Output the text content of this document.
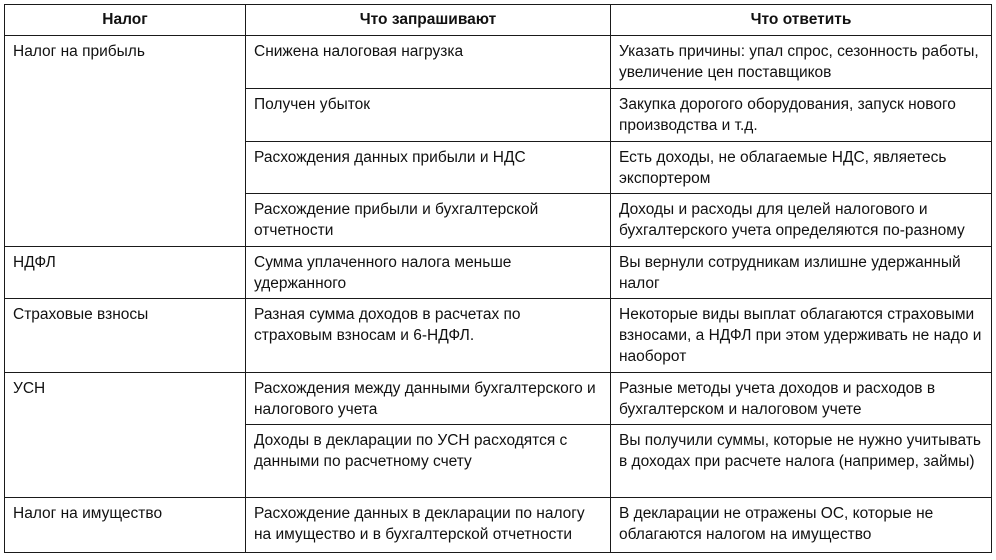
Налог	Что запрашивают	Что ответить
Налог на прибыль	Снижена налоговая нагрузка	Указать причины: упал спрос, сезонность работы, увеличение цен поставщиков
	Получен убыток	Закупка дорогого оборудования, запуск нового производства и т.д.
	Расхождения данных прибыли и НДС	Есть доходы, не облагаемые НДС, являетесь экспортером
	Расхождение прибыли и бухгалтерской отчетности	Доходы и расходы для целей налогового и бухгалтерского учета определяются по-разному
НДФЛ	Сумма уплаченного налога меньше удержанного	Вы вернули сотрудникам излишне удержанный налог
Страховые взносы	Разная сумма доходов в расчетах по страховым взносам и 6-НДФЛ.	Некоторые виды выплат облагаются страховыми взносами, а НДФЛ при этом удерживать не надо и наоборот
УСН	Расхождения между данными бухгалтерского и налогового учета	Разные методы учета доходов и расходов в бухгалтерском и налоговом учете
	Доходы в декларации по УСН расходятся с данными по расчетному счету	Вы получили суммы, которые не нужно учитывать в доходах при расчете налога (например, займы)
Налог на имущество	Расхождение данных в декларации по налогу на имущество и в бухгалтерской отчетности	В декларации не отражены ОС, которые не облагаются налогом на имущество
